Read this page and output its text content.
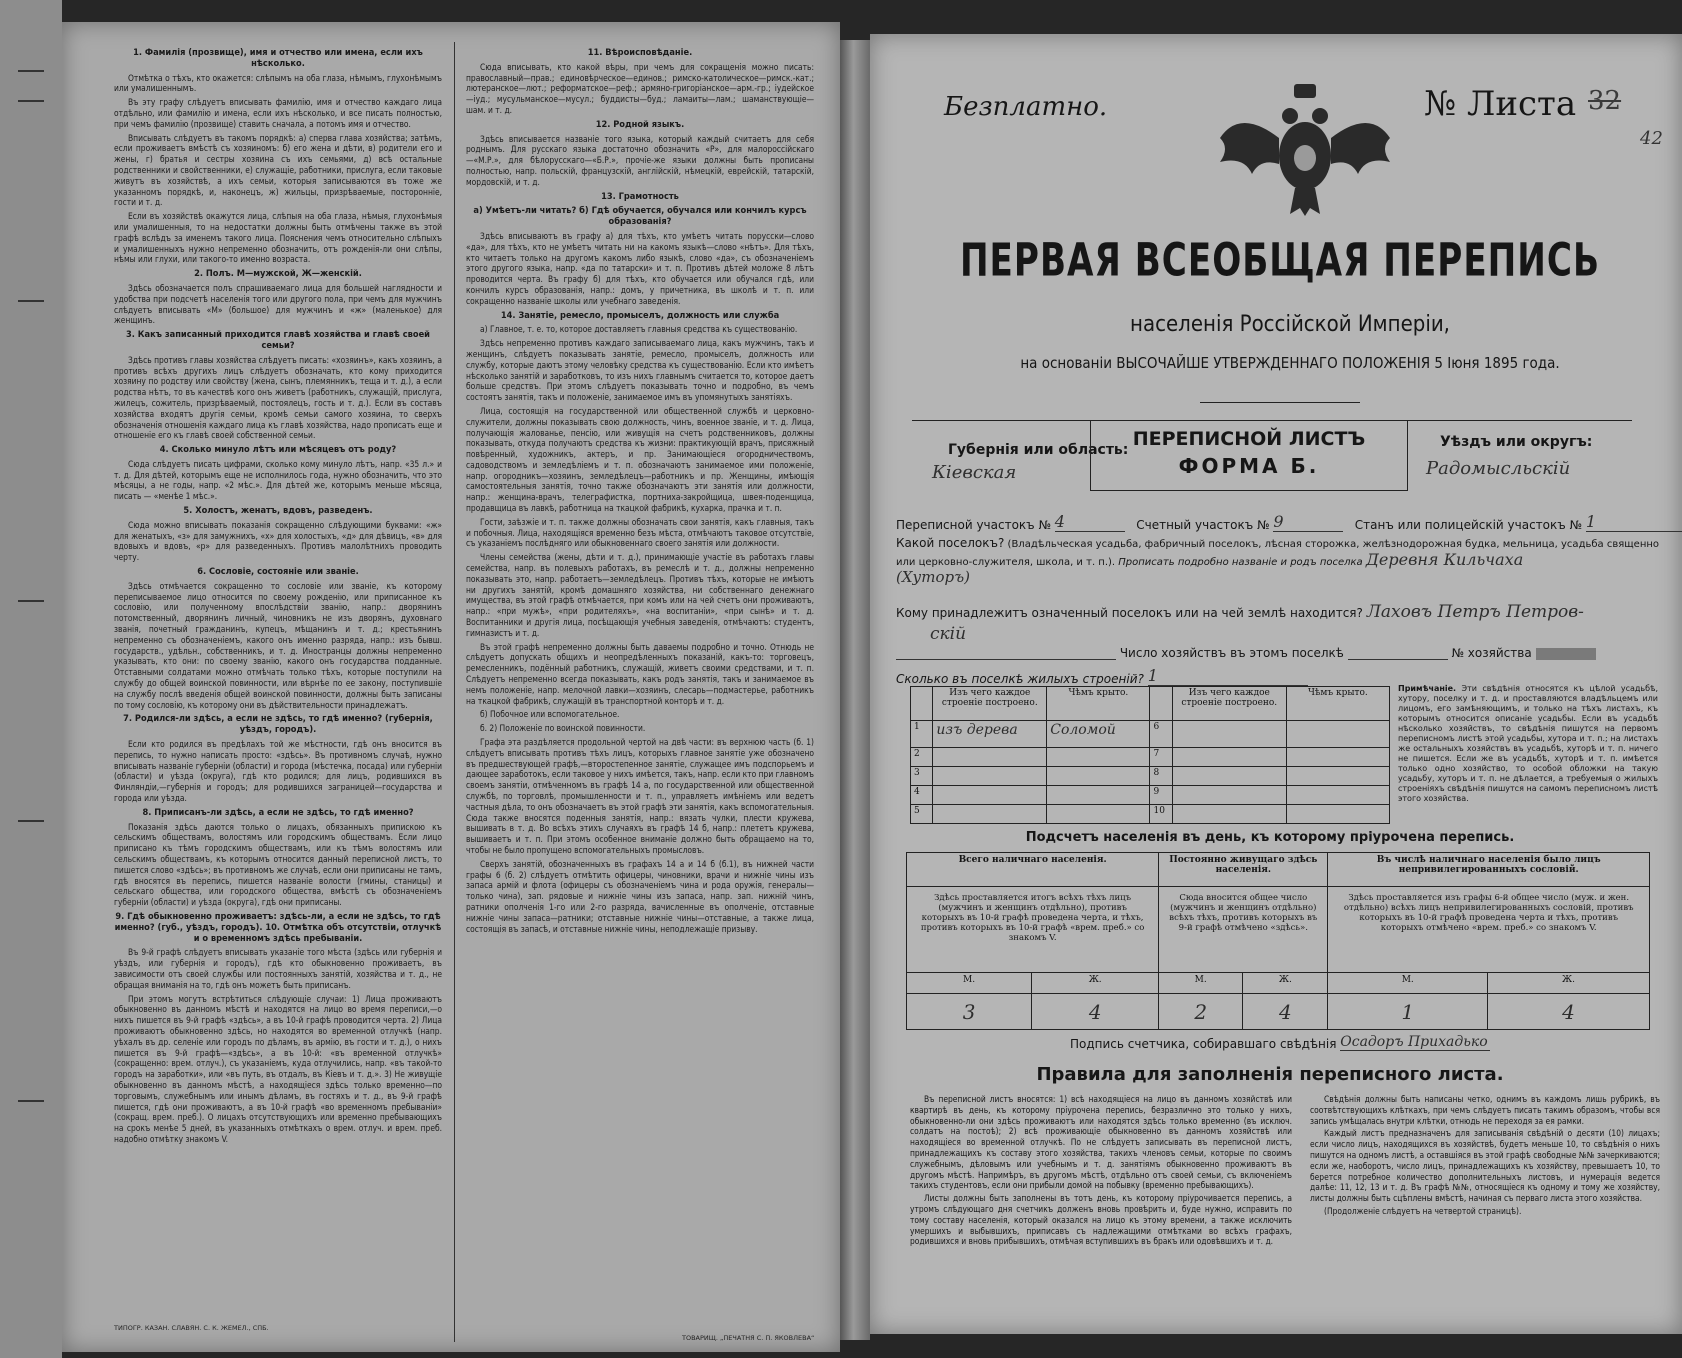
1. Фамилія (прозвище), имя и отчество или имена, если ихъ нѣсколько.

Отмѣтка о тѣхъ, кто окажется: слѣпымъ на оба глаза, нѣмымъ, глухонѣмымъ или умалишеннымъ.

Въ эту графу слѣдуетъ вписывать фамилію, имя и отчество каждаго лица отдѣльно, или фамилію и имена, если ихъ нѣсколько, и все писать полностью, при чемъ фамилію (прозвище) ставить сначала, а потомъ имя и отчество.

Вписывать слѣдуетъ въ такомъ порядкѣ: а) сперва глава хозяйства; затѣмъ, если проживаетъ вмѣстѣ съ хозяиномъ: б) его жена и дѣти, в) родители его и жены, г) братья и сестры хозяина съ ихъ семьями, д) всѣ остальные родственники и свойственники, е) служащіе, работники, прислуга, если таковые живутъ въ хозяйствѣ, а ихъ семьи, которыя записываются въ тоже же указанномъ порядкѣ, и, наконецъ, ж) жильцы, призрѣваемые, посторонніе, гости и т. д.

Если въ хозяйствѣ окажутся лица, слѣпыя на оба глаза, нѣмыя, глухонѣмыя или умалишенныя, то на недостатки должны быть отмѣчены также въ этой графѣ вслѣдъ за именемъ такого лица. Пояснения чемъ относительно слѣпыхъ и умалишенныхъ нужно непременно обозначить, отъ рожденія-ли они слѣпы, нѣмы или глухи, или такого-то именно возраста.

2. Полъ. М—мужской, Ж—женскій.

Здѣсь обозначается полъ спрашиваемаго лица для большей наглядности и удобства при подсчетѣ населенія того или другого пола, при чемъ для мужчинъ слѣдуетъ вписывать «М» (большое) для мужчинъ и «ж» (маленькое) для женщинъ.

3. Какъ записанный приходится главѣ хозяйства и главѣ своей семьи?

Здѣсь противъ главы хозяйства слѣдуетъ писать: «хозяинъ», какъ хозяинъ, а противъ всѣхъ другихъ лицъ слѣдуетъ обозначать, кто кому приходится хозяину по родству или свойству (жена, сынъ, племянникъ, теща и т. д.), а если родства нѣтъ, то въ качествѣ кого онъ живетъ (работникъ, служащій, прислуга, жилецъ, сожитель, призрѣваемый, постоялецъ, гость и т. д.). Если въ составъ хозяйства входятъ другія семьи, кромѣ семьи самого хозяина, то сверхъ обозначенія отношенія каждаго лица къ главѣ хозяйства, надо прописать еще и отношеніе его къ главѣ своей собственной семьи.

4. Сколько минуло лѣтъ или мѣсяцевъ отъ роду?

Сюда слѣдуетъ писать цифрами, сколько кому минуло лѣтъ, напр. «35 л.» и т. д. Для дѣтей, которымъ еще не исполнилось года, нужно обозначить, что это мѣсяцы, а не годы, напр. «2 мѣс.». Для дѣтей же, которымъ меньше мѣсяца, писать — «менѣе 1 мѣс.».

5. Холостъ, женатъ, вдовъ, разведенъ.

Сюда можно вписывать показанія сокращенно слѣдующими буквами: «ж» для женатыхъ, «з» для замужнихъ, «х» для холостыхъ, «д» для дѣвицъ, «в» для вдовыхъ и вдовъ, «р» для разведенныхъ. Противъ малолѣтнихъ проводить черту.

6. Сословіе, состояніе или званіе.

Здѣсь отмѣчается сокращенно то сословіе или званіе, къ которому переписываемое лицо относится по своему рожденію, или приписанное къ сословію, или полученному впослѣдствіи званію, напр.: дворянинъ потомственный, дворянинъ личный, чиновникъ не изъ дворянъ, духовнаго званія, почетный гражданинъ, купецъ, мѣщанинъ и т. д.; крестьянинъ непременно съ обозначеніемъ, какого онъ именно разряда, напр.: изъ бывш. государств., удѣльн., собственникъ, и т. д. Иностранцы должны непременно указывать, кто они: по своему званію, какого онъ государства подданные. Отставными солдатами можно отмѣчать только тѣхъ, которые поступили на службу до общей воинской повинности, или вѣрнѣе по ее закону, поступившіе на службу послѣ введенія общей воинской повинности, должны быть записаны по тому сословію, къ которому они въ дѣйствительности принадлежатъ.

7. Родился-ли здѣсь, а если не здѣсь, то гдѣ именно? (губернія, уѣздъ, городъ).

Если кто родился въ предѣлахъ той же мѣстности, гдѣ онъ вносится въ перепись, то нужно написать просто: «здѣсь». Въ противномъ случаѣ, нужно вписывать названіе губерніи (области) и города (мѣстечка, посада) или губерніи (области) и уѣзда (округа), гдѣ кто родился; для лицъ, родившихся въ Финляндіи,—губернія и городъ; для родившихся заграницей—государства и города или уѣзда.

8. Приписанъ-ли здѣсь, а если не здѣсь, то гдѣ именно?

Показанія здѣсь даются только о лицахъ, обязанныхъ припискою къ сельскимъ обществамъ, волостямъ или городскимъ обществамъ. Если лицо приписано къ тѣмъ городскимъ обществамъ, или къ тѣмъ волостямъ или сельскимъ обществамъ, къ которымъ относится данный переписной листъ, то пишется слово «здѣсь»; въ противномъ же случаѣ, если они приписаны не тамъ, гдѣ вносятся въ перепись, пишется названіе волости (гмины, станицы) и сельскаго общества, или городского общества, вмѣстѣ съ обозначеніемъ губерніи (области) и уѣзда (округа), гдѣ они приписаны.

9. Гдѣ обыкновенно проживаетъ: здѣсь-ли, а если не здѣсь, то гдѣ именно? (губ., уѣздъ, городъ). 10. Отмѣтка объ отсутствіи, отлучкѣ и о временномъ здѣсь пребываніи.

Въ 9-й графѣ слѣдуетъ вписывать указаніе того мѣста (здѣсь или губернія и уѣздъ, или губернія и городъ), гдѣ кто обыкновенно проживаетъ, въ зависимости отъ своей службы или постоянныхъ занятій, хозяйства и т. д., не обращая вниманія на то, гдѣ онъ можетъ быть приписанъ.

При этомъ могутъ встрѣтиться слѣдующіе случаи: 1) Лица проживаютъ обыкновенно въ данномъ мѣстѣ и находятся на лицо во время переписи,—о нихъ пишется въ 9-й графѣ «здѣсь», а въ 10-й графѣ проводится черта. 2) Лица проживаютъ обыкновенно здѣсь, но находятся во временной отлучкѣ (напр. уѣхалъ въ др. селеніе или городъ по дѣламъ, въ армію, въ гости и т. д.), о нихъ пишется въ 9-й графѣ—«здѣсь», а въ 10-й: «въ временной отлучкѣ» (сокращенно: врем. отлуч.), съ указаніемъ, куда отлучились, напр. «въ такой-то городъ на заработки», или «въ путь, въ отдалъ, въ Кіевъ и т. д.». 3) Не живущіе обыкновенно въ данномъ мѣстѣ, а находящіеся здѣсь только временно—по торговымъ, служебнымъ или инымъ дѣламъ, въ гостяхъ и т. д., въ 9-й графѣ пишется, гдѣ они проживаютъ, а въ 10-й графѣ «во временномъ пребываніи» (сокращ. врем. преб.). О лицахъ отсутствующихъ или временно пребывающихъ на срокъ менѣе 5 дней, въ указанныхъ отмѣткахъ о врем. отлуч. и врем. преб. надобно отмѣтку знакомъ V.

11. Вѣроисповѣданіе.

Сюда вписывать, кто какой вѣры, при чемъ для сокращенія можно писать: православный—прав.; единовѣрческое—единов.; римско-католическое—римск.-кат.; лютеранское—лют.; реформатское—реф.; армяно-григоріанское—арм.-гр.; іудейское—іуд.; мусульманское—мусул.; буддисты—буд.; ламаиты—лам.; шаманствующіе—шам. и т. д.

12. Родной языкъ.

Здѣсь вписывается названіе того языка, который каждый считаетъ для себя роднымъ. Для русскаго языка достаточно обозначить «Р», для малороссійскаго—«М.Р.», для бѣлорусскаго—«Б.Р.», прочіе-же языки должны быть прописаны полностью, напр. польскій, французскій, англійскій, нѣмецкій, еврейскій, татарскій, мордовскій, и т. д.

13. Грамотность
а) Умѣетъ-ли читать? б) Гдѣ обучается, обучался или кончилъ курсъ образованія?

Здѣсь вписываютъ въ графу а) для тѣхъ, кто умѣетъ читать порусски—слово «да», для тѣхъ, кто не умѣетъ читать ни на какомъ языкѣ—слово «нѣтъ». Для тѣхъ, кто читаетъ только на другомъ какомъ либо языкѣ, слово «да», съ обозначеніемъ этого другого языка, напр. «да по татарски» и т. п. Противъ дѣтей моложе 8 лѣтъ проводится черта. Въ графу б) для тѣхъ, кто обучается или обучался гдѣ, или кончилъ курсъ образованія, напр.: домъ, у причетника, въ школѣ и т. п. или сокращенно названіе школы или учебнаго заведенія.

14. Занятіе, ремесло, промыселъ, должность или служба

а) Главное, т. е. то, которое доставляетъ главныя средства къ существованію.

Здѣсь непременно противъ каждаго записываемаго лица, какъ мужчинъ, такъ и женщинъ, слѣдуетъ показывать занятіе, ремесло, промыселъ, должность или службу, которые даютъ этому человѣку средства къ существованію. Если кто имѣетъ нѣсколько занятій и заработковъ, то изъ нихъ главнымъ считается то, которое даетъ больше средствъ. При этомъ слѣдуетъ показывать точно и подробно, въ чемъ состоятъ занятія, такъ и положеніе, занимаемое имъ въ упомянутыхъ занятіяхъ.

Лица, состоящія на государственной или общественной службѣ и церковно-служители, должны показывать свою должность, чинъ, военное званіе, и т. д. Лица, получающія жалованье, пенсію, или живущія на счетъ родственниковъ, должны показывать, откуда получаютъ средства къ жизни: практикующій врачъ, присяжный повѣренный, художникъ, актеръ, и пр. Занимающіеся огородничествомъ, садоводствомъ и земледѣліемъ и т. п. обозначаютъ занимаемое ими положеніе, напр. огородникъ—хозяинъ, земледѣлецъ—работникъ и пр. Женщины, имѣющія самостоятельныя занятія, точно также обозначаютъ эти занятія или должности, напр.: женщина-врачъ, телеграфистка, портниха-закройщица, швея-поденщица, продавщица въ лавкѣ, работница на ткацкой фабрикѣ, кухарка, прачка и т. п.

Гости, заѣзжіе и т. п. также должны обозначать свои занятія, какъ главныя, такъ и побочныя. Лица, находящіяся временно безъ мѣста, отмѣчаютъ таковое отсутствіе, съ указаніемъ послѣдняго или обыкновеннаго своего занятія или должности.

Члены семейства (жены, дѣти и т. д.), принимающіе участіе въ работахъ главы семейства, напр. въ полевыхъ работахъ, въ ремеслѣ и т. д., должны непременно показывать это, напр. работаетъ—земледѣлецъ. Противъ тѣхъ, которые не имѣютъ ни другихъ занятій, кромѣ домашняго хозяйства, ни собственнаго денежнаго имущества, въ этой графѣ отмѣчается, при комъ или на чей счетъ они проживаютъ, напр.: «при мужѣ», «при родителяхъ», «на воспитаніи», «при сынѣ» и т. д. Воспитанники и другія лица, посѣщающія учебныя заведенія, отмѣчаютъ: студентъ, гимназистъ и т. д.

Въ этой графѣ непременно должны быть даваемы подробно и точно. Отнюдь не слѣдуетъ допускать общихъ и неопредѣленныхъ показаній, какъ-то: торговецъ, ремесленникъ, подённый работникъ, служащій, живетъ своими средствами, и т. п. Слѣдуетъ непременно всегда показывать, какъ родъ занятія, такъ и занимаемое въ немъ положеніе, напр. мелочной лавки—хозяинъ, слесарь—подмастерье, работникъ на ткацкой фабрикѣ, служащій въ транспортной конторѣ и т. д.

б) Побочное или вспомогательное.

б. 2) Положеніе по воинской повинности.

Графа эта раздѣляется продольной чертой на двѣ части: въ верхнюю часть (б. 1) слѣдуетъ вписывать противъ тѣхъ лицъ, которыхъ главное занятіе уже обозначено въ предшествующей графѣ,—второстепенное занятіе, служащее имъ подспорьемъ и дающее заработокъ, если таковое у нихъ имѣется, такъ, напр. если кто при главномъ своемъ занятіи, отмѣченномъ въ графѣ 14 а, по государственной или общественной службѣ, по торговлѣ, промышленности и т. п., управляетъ имѣніемъ или ведетъ частныя дѣла, то онъ обозначаетъ въ этой графѣ эти занятія, какъ вспомогательныя. Сюда также вносятся поденныя занятія, напр.: вязать чулки, плести кружева, вышивать в т. д. Во всѣхъ этихъ случаяхъ въ графѣ 14 б, напр.: плететъ кружева, вышиваетъ и т. п. При этомъ особенное вниманіе должно быть обращаемо на то, чтобы не было пропущено вспомогательныхъ промысловъ.

Сверхъ занятій, обозначенныхъ въ графахъ 14 а и 14 б (б.1), въ нижней части графы 6 (б. 2) слѣдуетъ отмѣтить офицеры, чиновники, врачи и нижніе чины изъ запаса армій и флота (офицеры съ обозначеніемъ чина и рода оружія, генералы—только чина), зап. рядовые и нижніе чины изъ запаса, напр. зап. нижній чинъ, ратники ополченія 1-го или 2-го разряда, вачисленные въ ополченіе, отставные нижніе чины запаса—ратники; отставные нижніе чины—отставные, а также лица, состоящія въ запасѣ, и отставные нижніе чины, неподлежащіе призыву.

ТИПОГР. КАЗАН. СЛАВЯН. С. К. ЖЕМЕЛ., СПБ.
ТОВАРИЩ. „ПЕЧАТНЯ С. П. ЯКОВЛЕВА“
Безплатно.	№ Листа 32
42
ПЕРВАЯ ВСЕОБЩАЯ ПЕРЕПИСЬ
населенія Россійской Имперіи,
на основаніи ВЫСОЧАЙШЕ УТВЕРЖДЕННАГО ПОЛОЖЕНІЯ 5 Іюня 1895 года.
Губернія или область:
Кіевская
ПЕРЕПИСНОЙ ЛИСТЪ
ФОРМА Б.
Уѣздъ или округъ:
Радомысльскій
Переписной участокъ № 4	Счетный участокъ № 9	Станъ или полицейскій участокъ № 1
Какой поселокъ? (Владѣльческая усадьба, фабричный поселокъ, лѣсная сторожка, желѣзнодорожная будка, мельница, усадьба священно или церковно-служителя, школа, и т. п.). Прописать подробно названіе и родъ поселка Деревня Кильчаха
(Хуторъ)
Кому принадлежитъ означенный поселокъ или на чей землѣ находится? Лаховъ Петръ Петров-
скій
Число хозяйствъ въ этомъ поселкѣ	№ хозяйства
Сколько въ поселкѣ жилыхъ строеній? 1
	Изъ чего каждое строеніе построено.	Чѣмъ крыто.		Изъ чего каждое строеніе построено.	Чѣмъ крыто.
1	изъ дерева	Соломой	6		
2			7		
3			8		
4			9		
5			10		
Примѣчаніе. Эти свѣдѣнія относятся къ цѣлой усадьбѣ, хутору, поселку и т. д. и проставляются владѣльцемъ или лицомъ, его замѣняющимъ, и только на тѣхъ листахъ, къ которымъ относится описаніе усадьбы. Если въ усадьбѣ нѣсколько хозяйствъ, то свѣдѣнія пишутся на первомъ переписномъ листѣ этой усадьбы, хутора и т. п.; на листахъ же остальныхъ хозяйствъ въ усадьбѣ, хуторѣ и т. п. ничего не пишется. Если же въ усадьбѣ, хуторѣ и т. п. имѣется только одно хозяйство, то особой обложки на такую усадьбу, хуторъ и т. п. не дѣлается, а требуемыя о жилыхъ строеніяхъ свѣдѣнія пишутся на самомъ переписномъ листѣ этого хозяйства.
Подсчетъ населенія въ день, къ которому пріурочена перепись.
Всего наличнаго населенія.		Постоянно живущаго здѣсь населенія.		Въ числѣ наличнаго населенія было лицъ непривилегированныхъ сословій.	
Здѣсь проставляется итогъ всѣхъ тѣхъ лицъ (мужчинъ и женщинъ отдѣльно), противъ которыхъ въ 10-й графѣ проведена черта, и тѣхъ, противъ которыхъ въ 10-й графѣ «врем. преб.» со знакомъ V.		Сюда вносится общее число (мужчинъ и женщинъ отдѣльно) всѣхъ тѣхъ, противъ которыхъ въ 9-й графѣ отмѣчено «здѣсь».		Здѣсь проставляется изъ графы 6-й общее число (муж. и жен. отдѣльно) всѣхъ лицъ непривилегированныхъ сословій, противъ которыхъ въ 10-й графѣ проведена черта и тѣхъ, противъ которыхъ отмѣчено «врем. преб.» со знакомъ V.	
М.	Ж.	М.	Ж.	М.	Ж.
3	4	2	4	1	4
Подпись счетчика, собиравшаго свѣдѣнія Осадоръ Прихадько
Правила для заполненія переписного листа.

Въ переписной листъ вносятся: 1) всѣ находящіеся на лицо въ данномъ хозяйствѣ или квартирѣ въ день, къ которому пріурочена перепись, безразлично это только у нихъ, обыкновенно-ли они здѣсь проживаютъ или находятся здѣсь только временно (въ исключ. солдатъ на постоѣ); 2) всѣ проживающіе обыкновенно въ данномъ хозяйствѣ или находящіеся во временной отлучкѣ. По не слѣдуетъ записывать въ переписной листъ, принадлежащихъ къ составу этого хозяйства, такихъ членовъ семьи, которые по своимъ служебнымъ, дѣловымъ или учебнымъ и т. д. занятіямъ обыкновенно проживаютъ въ другомъ мѣстѣ. Напримѣръ, въ другомъ мѣстѣ, отдѣльно отъ своей семьи, съ включеніемъ такихъ студентовъ, если они прибыли домой на побывку (временно пребывающихъ).

Листы должны быть заполнены въ тотъ день, къ которому пріурочивается перепись, а утромъ слѣдующаго дня счетчикъ долженъ вновь провѣрить и, буде нужно, исправить по тому составу населенія, который оказался на лицо къ этому времени, а также исключить умершихъ и выбывшихъ, приписавъ съ надлежащими отмѣтками во всѣхъ графахъ, родившихся и вновь прибывшихъ, отмѣчая вступившихъ въ бракъ или одовѣвшихъ и т. д.

Свѣдѣнія должны быть написаны четко, однимъ въ каждомъ лишь рубрикѣ, въ соотвѣтствующихъ клѣткахъ, при чемъ слѣдуетъ писать такимъ образомъ, чтобы вся запись умѣщалась внутри клѣтки, отнюдь не переходя за ея рамки.

Каждый листъ предназначенъ для записыванія свѣдѣній о десяти (10) лицахъ; если число лицъ, находящихся въ хозяйствѣ, будетъ меньше 10, то свѣдѣнія о нихъ пишутся на одномъ листѣ, а оставшіяся въ этой графѣ свободные №№ зачеркиваются; если же, наоборотъ, число лицъ, принадлежащихъ къ хозяйству, превышаетъ 10, то берется потребное количество дополнительныхъ листовъ, и нумерація ведется далѣе: 11, 12, 13 и т. д. Въ графѣ №№, относящіеся къ одному и тому же хозяйству, листы должны быть сцѣплены вмѣстѣ, начиная съ перваго листа этого хозяйства.

(Продолженіе слѣдуетъ на четвертой страницѣ).
